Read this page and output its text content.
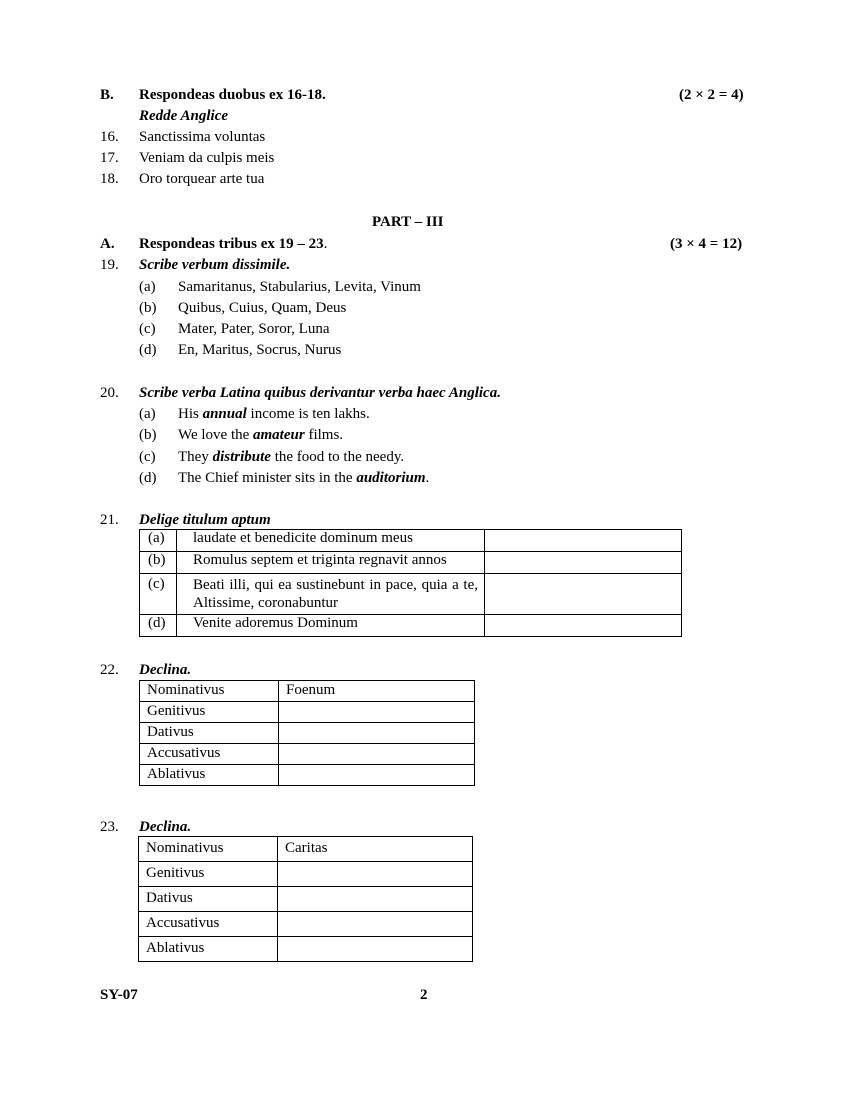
B. Respondeas duobus ex 16-18.	(2 × 2 = 4)
Redde Anglice
16. Sanctissima voluntas
17. Veniam da culpis meis
18. Oro torquear arte tua
PART – III
A. Respondeas tribus ex 19 – 23.	(3 × 4 = 12)
19. Scribe verbum dissimile.
(a) Samaritanus, Stabularius, Levita, Vinum
(b) Quibus, Cuius, Quam, Deus
(c) Mater, Pater, Soror, Luna
(d) En, Maritus, Socrus, Nurus
20. Scribe verba Latina quibus derivantur verba haec Anglica.
(a) His annual income is ten lakhs.
(b) We love the amateur films.
(c) They distribute the food to the needy.
(d) The Chief minister sits in the auditorium.
21. Delige titulum aptum
(a)	laudate et benedicite dominum meus	
(b)	Romulus septem et triginta regnavit annos	
(c)	Beati illi, qui ea sustinebunt in pace, quia a te, Altissime, coronabuntur	
(d)	Venite adoremus Dominum	
22. Declina.
Nominativus	Foenum
Genitivus	
Dativus	
Accusativus	
Ablativus	
23. Declina.
Nominativus	Caritas
Genitivus	
Dativus	
Accusativus	
Ablativus	
SY-07	2
